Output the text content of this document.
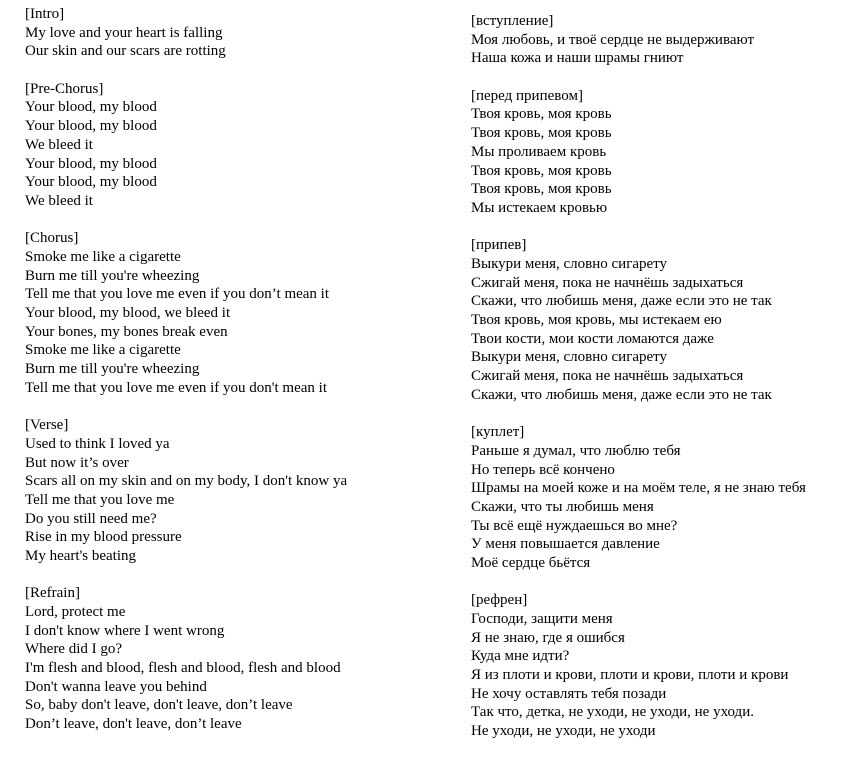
[Intro]
My love and your heart is falling
Our skin and our scars are rotting
[Pre-Chorus]
Your blood, my blood
Your blood, my blood
We bleed it
Your blood, my blood
Your blood, my blood
We bleed it
[Chorus]
Smoke me like a cigarette
Burn me till you're wheezing
Tell me that you love me even if you don’t mean it
Your blood, my blood, we bleed it
Your bones, my bones break even
Smoke me like a cigarette
Burn me till you're wheezing
Tell me that you love me even if you don't mean it
[Verse]
Used to think I loved ya
But now it’s over
Scars all on my skin and on my body, I don't know ya
Tell me that you love me
Do you still need me?
Rise in my blood pressure
My heart's beating
[Refrain]
Lord, protect me
I don't know where I went wrong
Where did I go?
I'm flesh and blood, flesh and blood, flesh and blood
Don't wanna leave you behind
So, baby don't leave, don't leave, don’t leave
Don’t leave, don't leave, don’t leave
[вступление]
Моя любовь, и твоё сердце не выдерживают
Наша кожа и наши шрамы гниют
[перед припевом]
Твоя кровь, моя кровь
Твоя кровь, моя кровь
Мы проливаем кровь
Твоя кровь, моя кровь
Твоя кровь, моя кровь
Мы истекаем кровью
[припев]
Выкури меня, словно сигарету
Сжигай меня, пока не начнёшь задыхаться
Скажи, что любишь меня, даже если это не так
Твоя кровь, моя кровь, мы истекаем ею
Твои кости, мои кости ломаются даже
Выкури меня, словно сигарету
Сжигай меня, пока не начнёшь задыхаться
Скажи, что любишь меня, даже если это не так
[куплет]
Раньше я думал, что люблю тебя
Но теперь всё кончено
Шрамы на моей коже и на моём теле, я не знаю тебя
Скажи, что ты любишь меня
Ты всё ещё нуждаешься во мне?
У меня повышается давление
Моё сердце бьётся
[рефрен]
Господи, защити меня
Я не знаю, где я ошибся
Куда мне идти?
Я из плоти и крови, плоти и крови, плоти и крови
Не хочу оставлять тебя позади
Так что, детка, не уходи, не уходи, не уходи.
Не уходи, не уходи, не уходи
